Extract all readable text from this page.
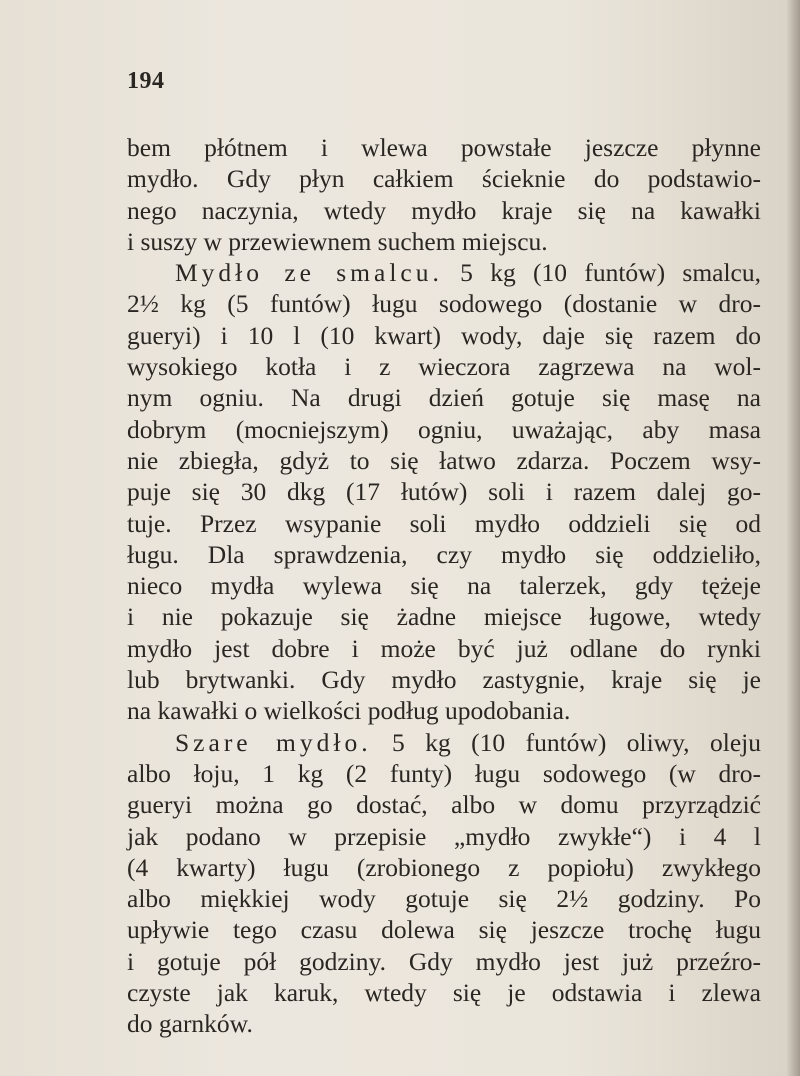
194
bem płótnem i wlewa powstałe jeszcze płynne
mydło. Gdy płyn całkiem ścieknie do podstawio-
nego naczynia, wtedy mydło kraje się na kawałki
i suszy w przewiewnem suchem miejscu.
Mydło ze smalcu. 5 kg (10 funtów) smalcu,
2½ kg (5 funtów) ługu sodowego (dostanie w dro-
gueryi) i 10 l (10 kwart) wody, daje się razem do
wysokiego kotła i z wieczora zagrzewa na wol-
nym ogniu. Na drugi dzień gotuje się masę na
dobrym (mocniejszym) ogniu, uważając, aby masa
nie zbiegła, gdyż to się łatwo zdarza. Poczem wsy-
puje się 30 dkg (17 łutów) soli i razem dalej go-
tuje. Przez wsypanie soli mydło oddzieli się od
ługu. Dla sprawdzenia, czy mydło się oddzieliło,
nieco mydła wylewa się na talerzek, gdy tężeje
i nie pokazuje się żadne miejsce ługowe, wtedy
mydło jest dobre i może być już odlane do rynki
lub brytwanki. Gdy mydło zastygnie, kraje się je
na kawałki o wielkości podług upodobania.
Szare mydło. 5 kg (10 funtów) oliwy, oleju
albo łoju, 1 kg (2 funty) ługu sodowego (w dro-
gueryi można go dostać, albo w domu przyrządzić
jak podano w przepisie „mydło zwykłe“) i 4 l
(4 kwarty) ługu (zrobionego z popiołu) zwykłego
albo miękkiej wody gotuje się 2½ godziny. Po
upływie tego czasu dolewa się jeszcze trochę ługu
i gotuje pół godziny. Gdy mydło jest już przeźro-
czyste jak karuk, wtedy się je odstawia i zlewa
do garnków.
